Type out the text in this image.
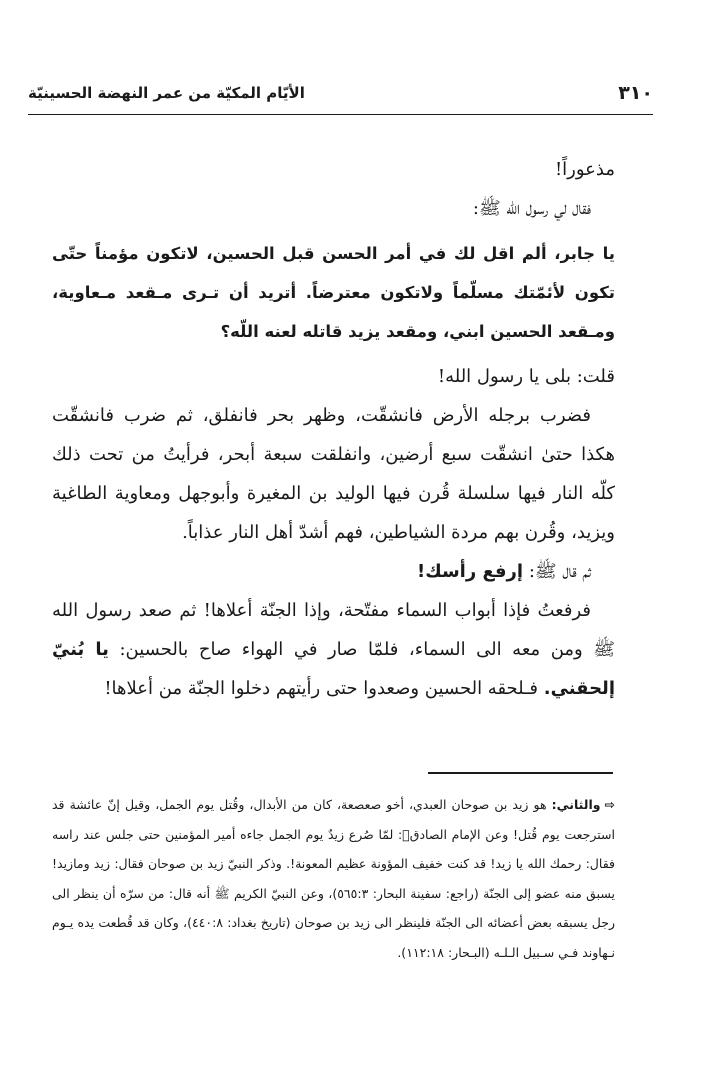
٣١٠
الأيّام المكيّة من عمر النهضة الحسينيّة

مذعوراً!

فقال لي رسول الله ﷺ:

يا جابر، ألم اقل لك في أمر الحسن قبل الحسين، لاتكون مؤمناً حتّى تكون لأئمّتك مسلّماً ولاتكون معترضاً. أتريد أن تـرى مـقعد مـعاوية، ومـقعد الحسين ابني، ومقعد يزيد قاتله لعنه اللّه؟

قلت: بلى يا رسول الله!

فضرب برجله الأرض فانشقّت، وظهر بحر فانفلق، ثم ضرب فانشقّت هكذا حتىٰ انشقّت سبع أرضين، وانفلقت سبعة أبحر، فرأيتُ من تحت ذلك كلّه النار فيها سلسلة قُرن فيها الوليد بن المغيرة وأبوجهل ومعاوية الطاغية ويزيد، وقُرن بهم مردة الشياطين، فهم أشدّ أهل النار عذاباً.

ثم قال ﷺ: إرفع رأسك!

فرفعتُ فإذا أبواب السماء مفتّحة، وإذا الجنّة أعلاها! ثم صعد رسول الله ﷺ ومن معه الى السماء، فلمّا صار في الهواء صاح بالحسين: يا بُنيّ إلحقني. فـلحقه الحسين وصعدوا حتى رأيتهم دخلوا الجنّة من أعلاها!

⇨والثاني: هو زيد بن صوحان العبدي، أخو صعصعة، كان من الأبدال، وقُتل يوم الجمل، وقيل إنّ عائشة قد استرجعت يوم قُتل! وعن الإمام الصادقؑ: لمّا صُرع زيدٌ يوم الجمل جاءه أمير المؤمنين حتى جلس عند راسه فقال: رحمك الله يا زيد! قد كنت خفيف المؤونة عظيم المعونة!. وذكر النبيّ زيد بن صوحان فقال: زيد ومازيد! يسبق منه عضو إلى الجنّة (راجع: سفينة البحار: ٥٦٥:٣)، وعن النبيّ الكريم ﷺ أنه قال: من سرّه أن ينظر الى رجل يسبقه بعض أعضائه الى الجنّة فلينظر الى زيد بن صوحان (تاريخ بغداد: ٤٤٠:٨)، وكان قد قُطعت يده يـوم نـهاوند فـي سـبيل الـلـه (البـحار: ١١٢:١٨).
